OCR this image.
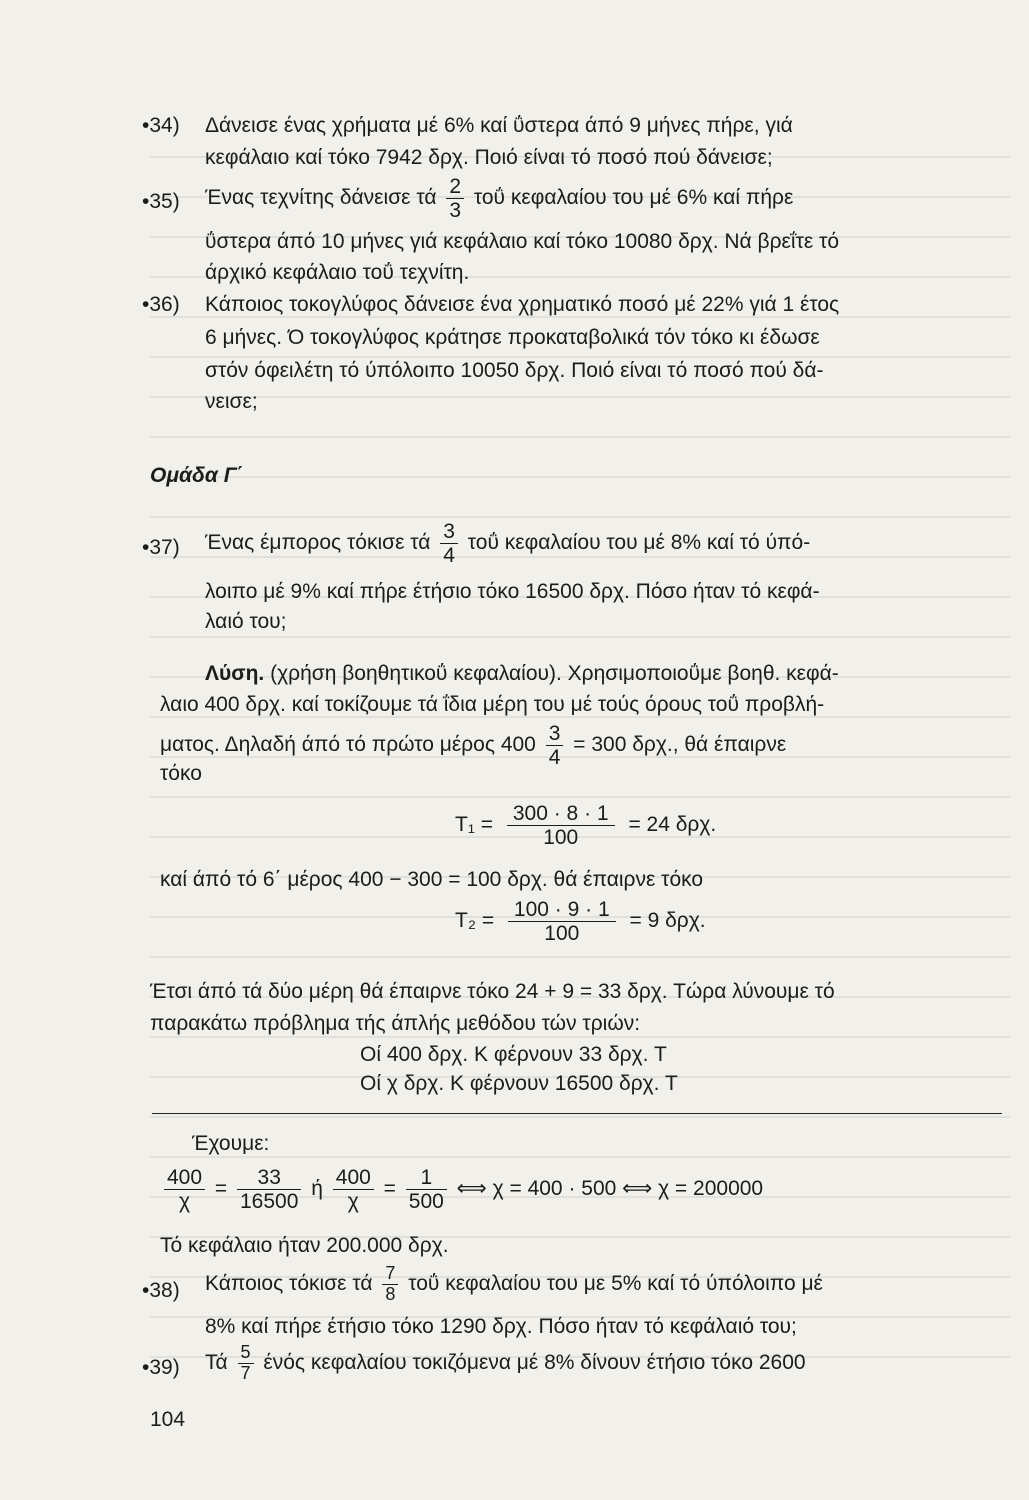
•34) Δάνεισε ένας χρήματα μέ 6% καί ΰστερα άπό 9 μήνες πήρε, γιά
κεφάλαιο καί τόκο 7942 δρχ. Ποιό είναι τό ποσό πού δάνεισε;
•35) Ένας τεχνίτης δάνεισε τά $\frac{2}{3}$ τοΰ κεφαλαίου του μέ 6% καί πήρε
ΰστερα άπό 10 μήνες γιά κεφάλαιο καί τόκο 10080 δρχ. Νά βρεΐτε τό
άρχικό κεφάλαιο τοΰ τεχνίτη.
•36) Κάποιος τοκογλύφος δάνεισε ένα χρηματικό ποσό μέ 22% γιά 1 έτος
6 μήνες. Ό τοκογλύφος κράτησε προκαταβολικά τόν τόκο κι έδωσε
στόν όφειλέτη τό ύπόλοιπο 10050 δρχ. Ποιό είναι τό ποσό πού δά-
νεισε;
Ομάδα Γ΄
•37) Ένας έμπορος τόκισε τά $\frac{3}{4}$ τοΰ κεφαλαίου του μέ 8% καί τό ύπό-
λοιπο μέ 9% καί πήρε έτήσιο τόκο 16500 δρχ. Πόσο ήταν τό κεφά-
λαιό του;
Λύση. (χρήση βοηθητικοΰ κεφαλαίου). Χρησιμοποιοΰμε βοηθ. κεφά-
λαιο 400 δρχ. καί τοκίζουμε τά ΐδια μέρη του μέ τούς όρους τοΰ προβλή-
ματος. Δηλαδή άπό τό πρώτο μέρος $400 \frac{3}{4} = 300$ δρχ., θά έπαιρνε
τόκο
$T_1 = \frac{300 \cdot 8 \cdot 1}{100} = 24$ δρχ.
καί άπό τό 6΄ μέρος 400 − 300 = 100 δρχ. θά έπαιρνε τόκο
$T_2 = \frac{100 \cdot 9 \cdot 1}{100} = 9$ δρχ.
Έτσι άπό τά δύο μέρη θά έπαιρνε τόκο 24 + 9 = 33 δρχ. Τώρα λύνουμε τό
παρακάτω πρόβλημα τής άπλής μεθόδου τών τριών:
Οί 400 δρχ. Κ φέρνουν 33 δρχ. Τ
Οί χ δρχ. Κ φέρνουν 16500 δρχ. Τ
Έχουμε:
$\frac{400}{\chi} = \frac{33}{16500}$ ή $\frac{400}{\chi} = \frac{1}{500}$ ⟺ χ = 400 · 500 ⟺ χ = 200000
Τό κεφάλαιο ήταν 200.000 δρχ.
•38) Κάποιος τόκισε τά $\frac{7}{8}$ τοΰ κεφαλαίου του με 5% καί τό ύπόλοιπο μέ
8% καί πήρε έτήσιο τόκο 1290 δρχ. Πόσο ήταν τό κεφάλαιό του;
•39) Τά $\frac{5}{7}$ ένός κεφαλαίου τοκιζόμενα μέ 8% δίνουν έτήσιο τόκο 2600
104
